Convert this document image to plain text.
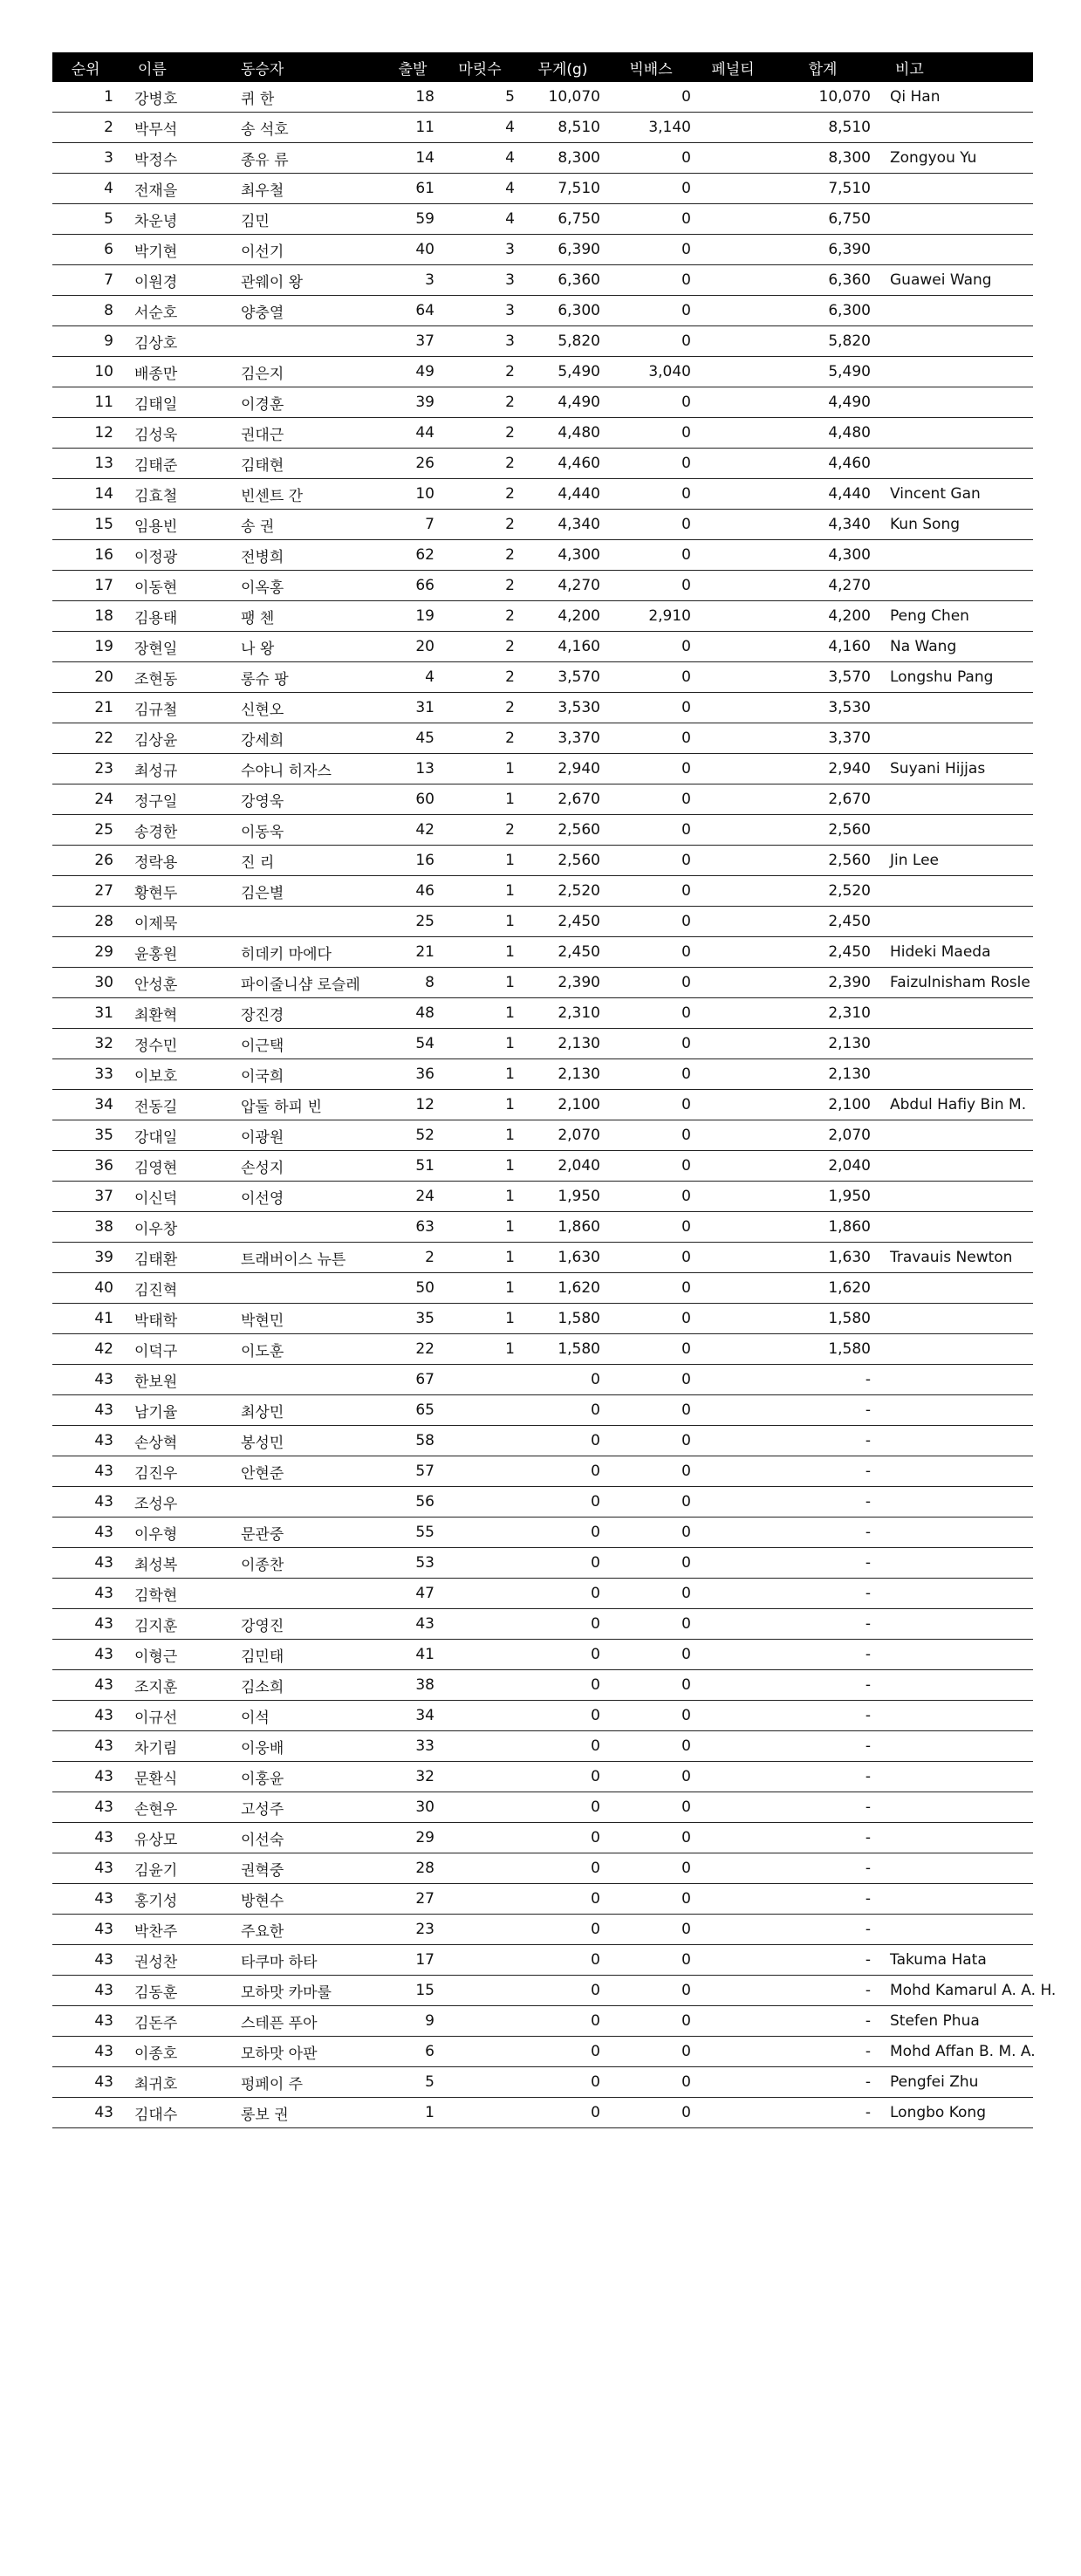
순위	이름	동승자	출발	마릿수	무게(g)	빅배스	페널티	합계	비고
1	강병호	퀴 한	18	5	10,070	0		10,070	Qi Han
2	박무석	송 석호	11	4	8,510	3,140		8,510	
3	박정수	종유 류	14	4	8,300	0		8,300	Zongyou Yu
4	전재을	최우철	61	4	7,510	0		7,510	
5	차운녕	김민	59	4	6,750	0		6,750	
6	박기현	이선기	40	3	6,390	0		6,390	
7	이원경	관웨이 왕	3	3	6,360	0		6,360	Guawei Wang
8	서순호	양충열	64	3	6,300	0		6,300	
9	김상호		37	3	5,820	0		5,820	
10	배종만	김은지	49	2	5,490	3,040		5,490	
11	김태일	이경훈	39	2	4,490	0		4,490	
12	김성욱	권대근	44	2	4,480	0		4,480	
13	김태준	김태현	26	2	4,460	0		4,460	
14	김효철	빈센트 간	10	2	4,440	0		4,440	Vincent Gan
15	임용빈	송 권	7	2	4,340	0		4,340	Kun Song
16	이정광	전병희	62	2	4,300	0		4,300	
17	이동현	이옥홍	66	2	4,270	0		4,270	
18	김용태	팽 첸	19	2	4,200	2,910		4,200	Peng Chen
19	장현일	나 왕	20	2	4,160	0		4,160	Na Wang
20	조현동	롱슈 팡	4	2	3,570	0		3,570	Longshu Pang
21	김규철	신현오	31	2	3,530	0		3,530	
22	김상윤	강세희	45	2	3,370	0		3,370	
23	최성규	수야니 히자스	13	1	2,940	0		2,940	Suyani Hijjas
24	정구일	강영욱	60	1	2,670	0		2,670	
25	송경한	이동욱	42	2	2,560	0		2,560	
26	정락용	진 리	16	1	2,560	0		2,560	Jin Lee
27	황현두	김은별	46	1	2,520	0		2,520	
28	이제묵		25	1	2,450	0		2,450	
29	윤홍원	히데키 마에다	21	1	2,450	0		2,450	Hideki Maeda
30	안성훈	파이줄니샴 로슬레	8	1	2,390	0		2,390	Faizulnisham Rosle
31	최환혁	장진경	48	1	2,310	0		2,310	
32	정수민	이근택	54	1	2,130	0		2,130	
33	이보호	이국희	36	1	2,130	0		2,130	
34	전동길	압둘 하피 빈	12	1	2,100	0		2,100	Abdul Hafiy Bin M.
35	강대일	이광원	52	1	2,070	0		2,070	
36	김영현	손성지	51	1	2,040	0		2,040	
37	이신덕	이선영	24	1	1,950	0		1,950	
38	이우창		63	1	1,860	0		1,860	
39	김태환	트래버이스 뉴튼	2	1	1,630	0		1,630	Travauis Newton
40	김진혁		50	1	1,620	0		1,620	
41	박태학	박현민	35	1	1,580	0		1,580	
42	이덕구	이도훈	22	1	1,580	0		1,580	
43	한보원		67		0	0		-	
43	남기율	최상민	65		0	0		-	
43	손상혁	봉성민	58		0	0		-	
43	김진우	안현준	57		0	0		-	
43	조성우		56		0	0		-	
43	이우형	문관중	55		0	0		-	
43	최성복	이종찬	53		0	0		-	
43	김학현		47		0	0		-	
43	김지훈	강영진	43		0	0		-	
43	이형근	김민태	41		0	0		-	
43	조지훈	김소희	38		0	0		-	
43	이규선	이석	34		0	0		-	
43	차기림	이웅배	33		0	0		-	
43	문환식	이홍윤	32		0	0		-	
43	손현우	고성주	30		0	0		-	
43	유상모	이선숙	29		0	0		-	
43	김윤기	권혁중	28		0	0		-	
43	홍기성	방현수	27		0	0		-	
43	박찬주	주요한	23		0	0		-	
43	권성찬	타쿠마 하타	17		0	0		-	Takuma Hata
43	김동훈	모하맛 카마룰	15		0	0		-	Mohd Kamarul A. A. H.
43	김돈주	스테픈 푸아	9		0	0		-	Stefen Phua
43	이종호	모하맛 아판	6		0	0		-	Mohd Affan B. M. A.
43	최귀호	펑페이 주	5		0	0		-	Pengfei Zhu
43	김대수	롱보 권	1		0	0		-	Longbo Kong
